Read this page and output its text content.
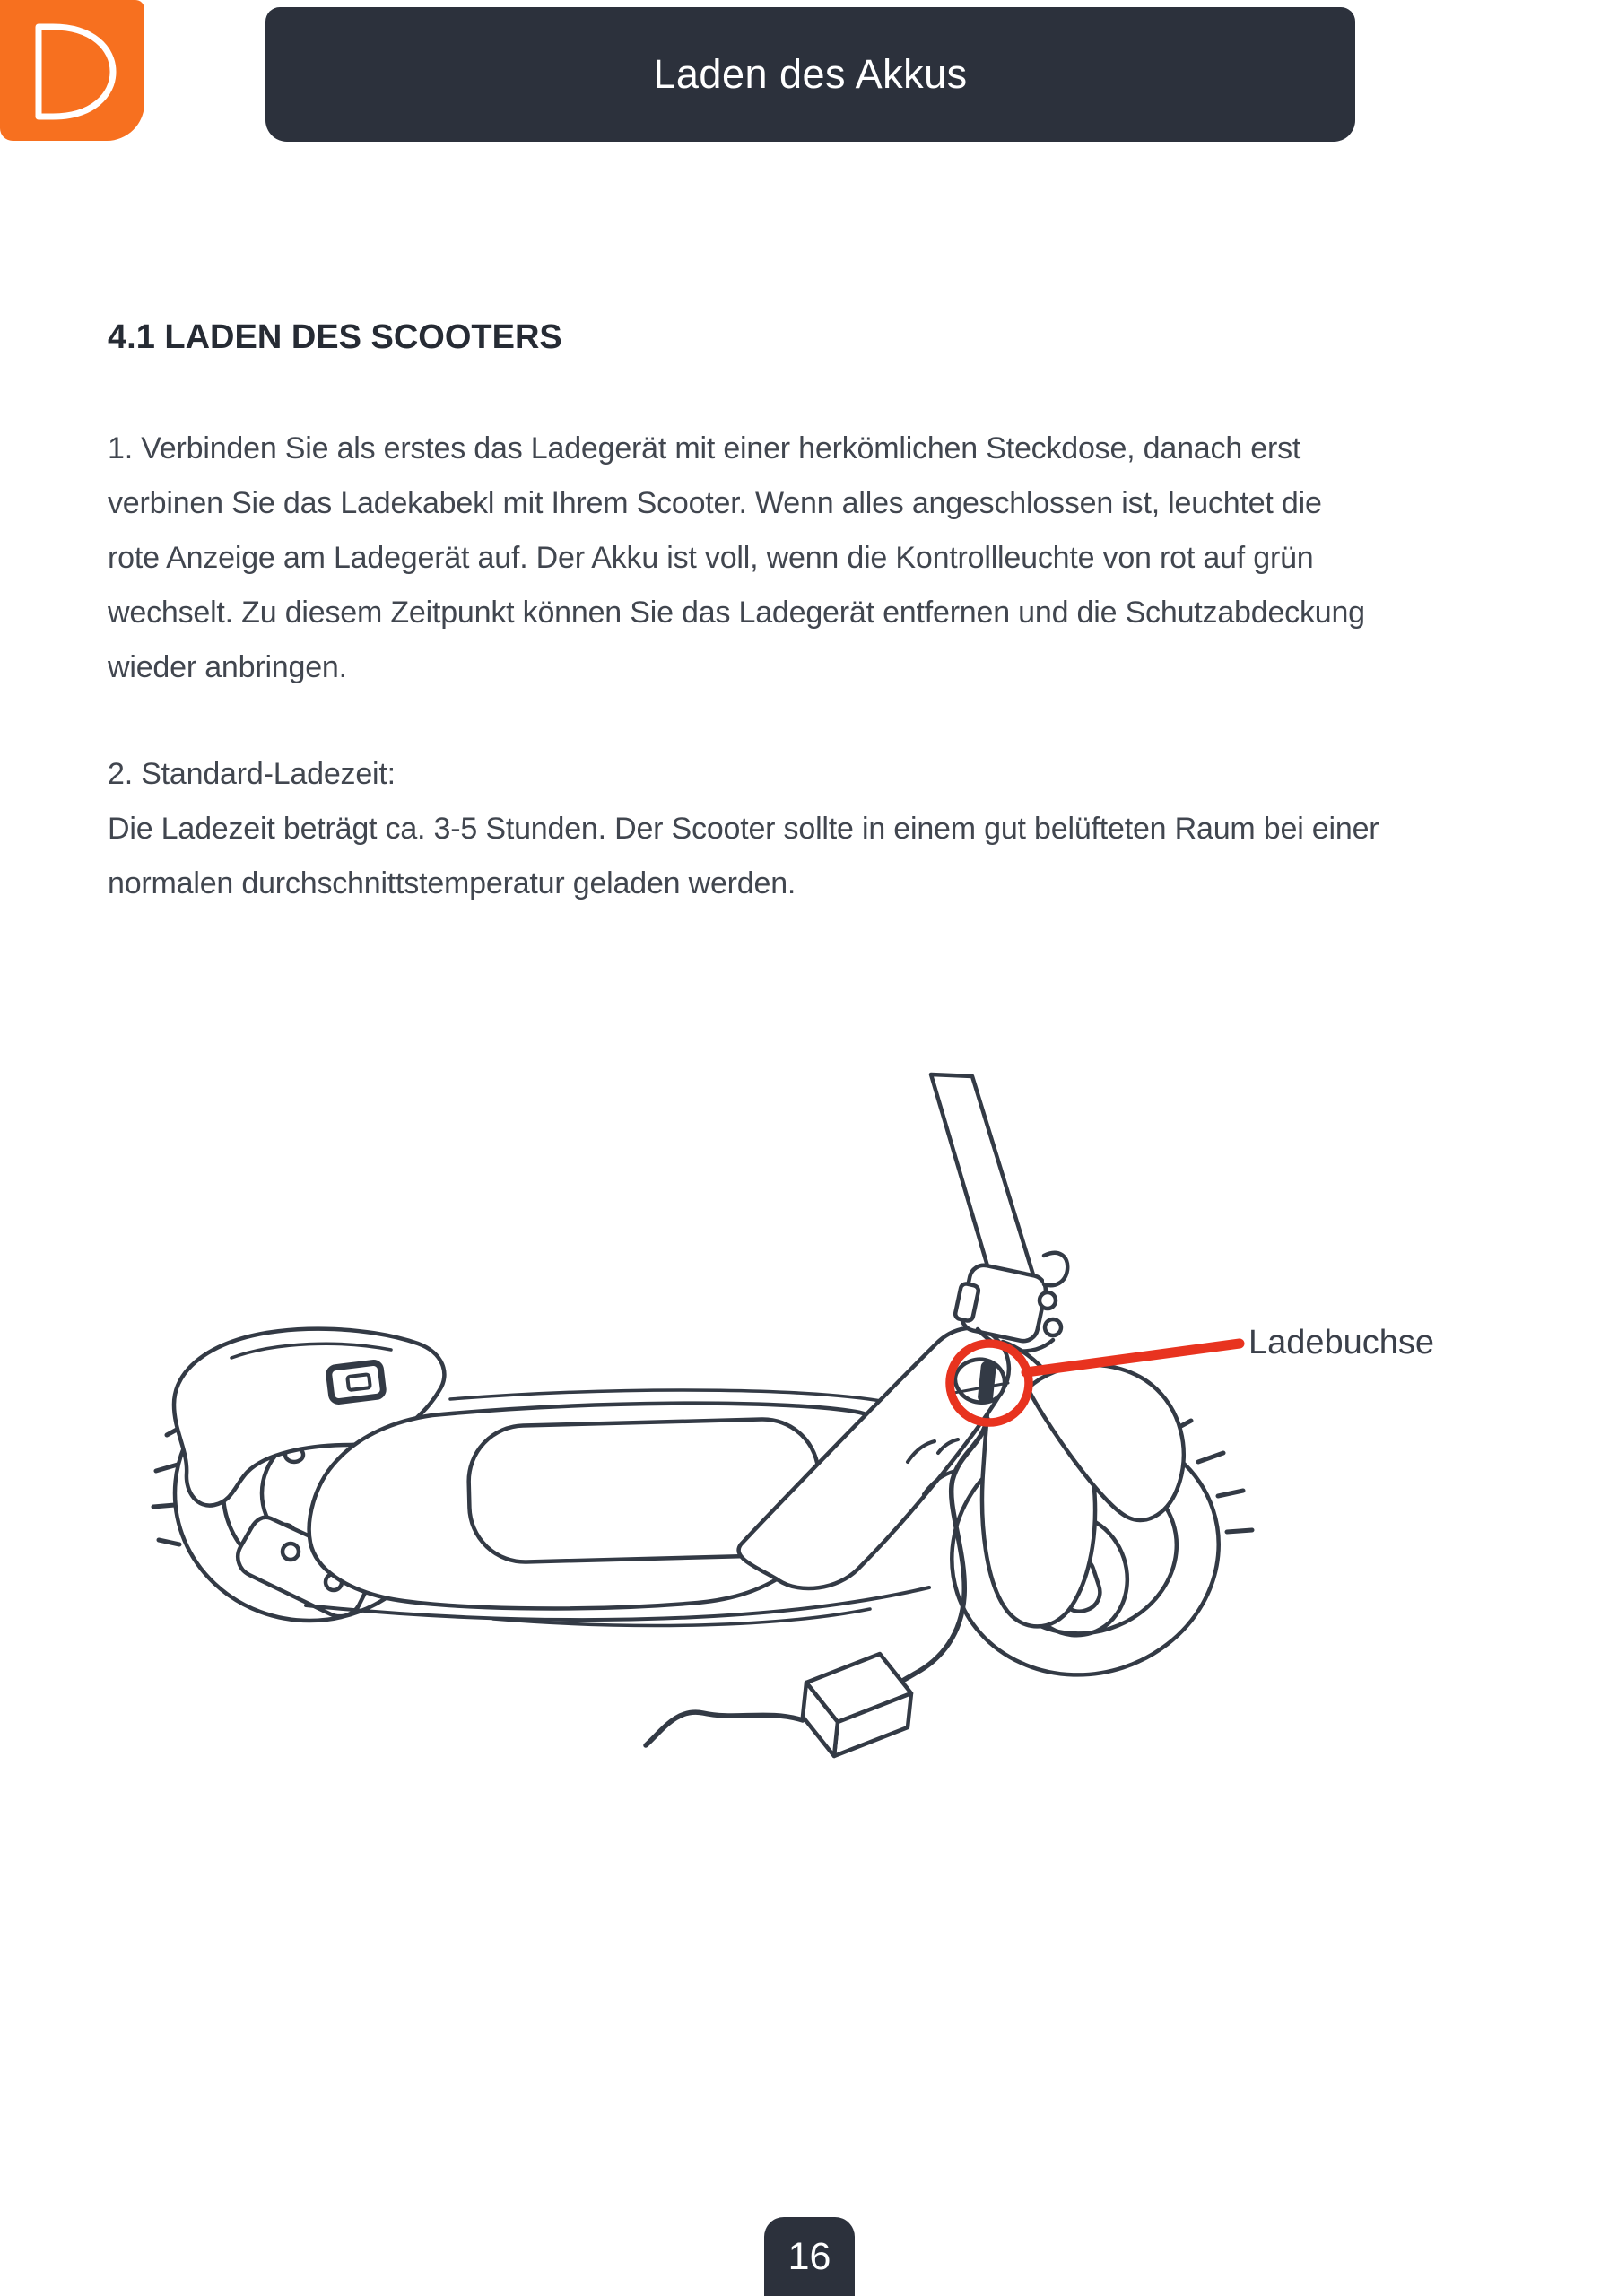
Laden des Akkus
4.1 LADEN DES SCOOTERS
1. Verbinden Sie als erstes das Ladegerät mit einer herkömlichen Steckdose, danach erst
verbinen Sie das Ladekabekl mit Ihrem Scooter. Wenn alles angeschlossen ist, leuchtet die
rote Anzeige am Ladegerät auf. Der Akku ist voll, wenn die Kontrollleuchte von rot auf grün
wechselt. Zu diesem Zeitpunkt können Sie das Ladegerät entfernen und die Schutzabdeckung
wieder anbringen.
2. Standard-Ladezeit:
Die Ladezeit beträgt ca. 3-5 Stunden. Der Scooter sollte in einem gut belüfteten Raum bei einer
normalen durchschnittstemperatur geladen werden.
Ladebuchse
16
